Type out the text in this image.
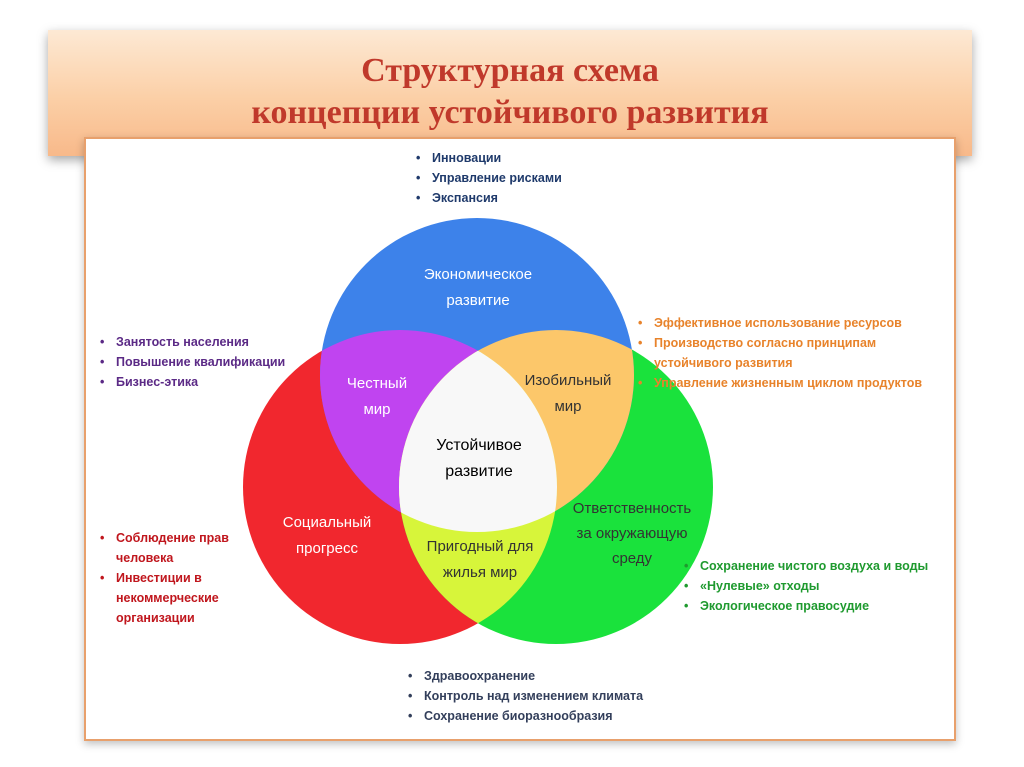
Структурная схема
концепции устойчивого развития
Экономическое
развитие
Социальный
прогресс
Ответственность
за окружающую
среду
Честный
мир
Изобильный
мир
Пригодный для
жилья мир
Устойчивое
развитие
• Инновации
• Управление рисками
• Экспансия
• Занятость населения
• Повышение квалификации
• Бизнес-этика
• Эффективное использование ресурсов
• Производство согласно принципам устойчивого развития
• Управление жизненным циклом продуктов
• Соблюдение прав человека
• Инвестиции в некоммерческие организации
• Сохранение чистого воздуха и воды
• «Нулевые» отходы
• Экологическое правосудие
• Здравоохранение
• Контроль над изменением климата
• Сохранение биоразнообразия
